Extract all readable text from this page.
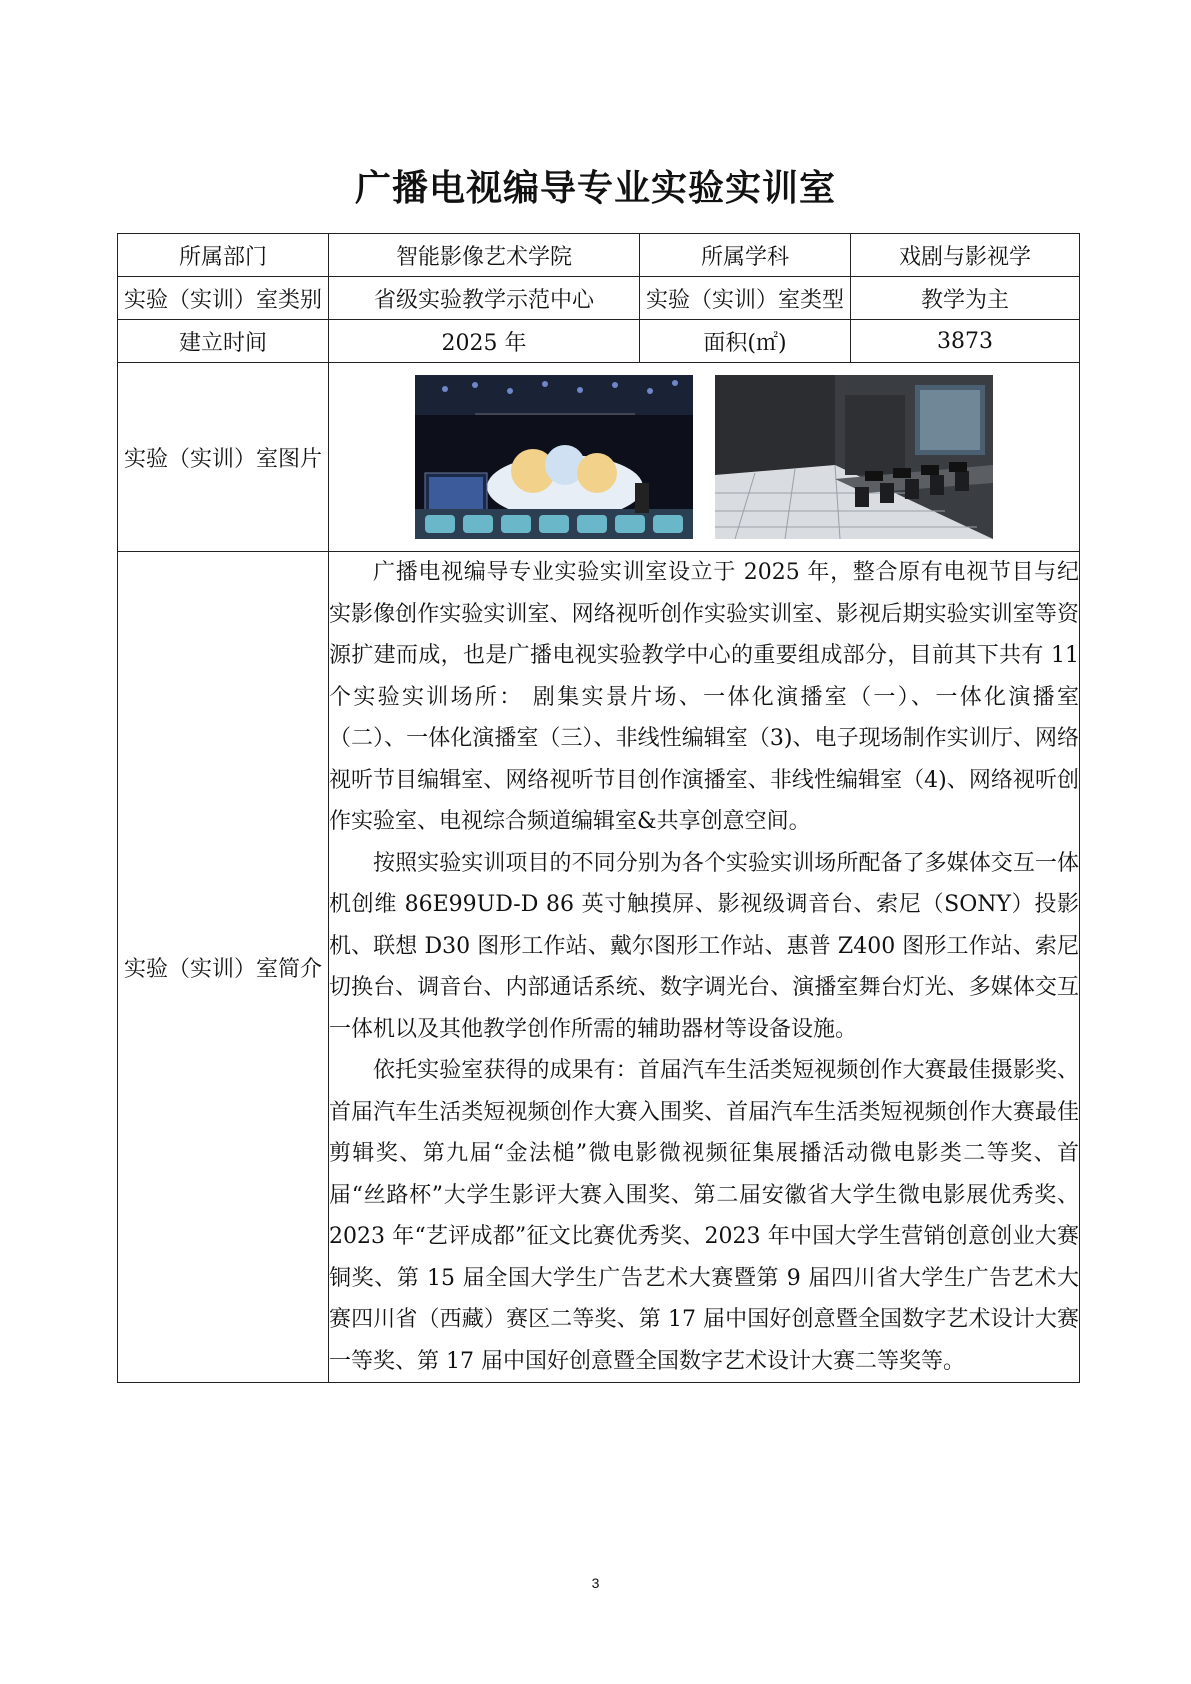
广播电视编导专业实验实训室
所属部门	智能影像艺术学院	所属学科	戏剧与影视学
实验（实训）室类别	省级实验教学示范中心	实验（实训）室类型	教学为主
建立时间	2025 年	面积(㎡)	3873
实验（实训）室图片	
实验（实训）室简介	广播电视编导专业实验实训室设立于 2025 年，整合原有电视节目与纪实影像创作实验实训室、网络视听创作实验实训室、影视后期实验实训室等资源扩建而成，也是广播电视实验教学中心的重要组成部分，目前其下共有 11 个实验实训场所： 剧集实景片场、一体化演播室（一）、一体化演播室（二）、一体化演播室（三）、非线性编辑室（3)、电子现场制作实训厅、网络视听节目编辑室、网络视听节目创作演播室、非线性编辑室（4)、网络视听创作实验室、电视综合频道编辑室&共享创意空间。

按照实验实训项目的不同分别为各个实验实训场所配备了多媒体交互一体机创维 86E99UD-D 86 英寸触摸屏、影视级调音台、索尼（SONY）投影机、联想 D30 图形工作站、戴尔图形工作站、惠普 Z400 图形工作站、索尼切换台、调音台、内部通话系统、数字调光台、演播室舞台灯光、多媒体交互一体机以及其他教学创作所需的辅助器材等设备设施。

依托实验室获得的成果有：首届汽车生活类短视频创作大赛最佳摄影奖、首届汽车生活类短视频创作大赛入围奖、首届汽车生活类短视频创作大赛最佳剪辑奖、第九届“金法槌”微电影微视频征集展播活动微电影类二等奖、首届“丝路杯”大学生影评大赛入围奖、第二届安徽省大学生微电影展优秀奖、2023 年“艺评成都”征文比赛优秀奖、2023 年中国大学生营销创意创业大赛铜奖、第 15 届全国大学生广告艺术大赛暨第 9 届四川省大学生广告艺术大赛四川省（西藏）赛区二等奖、第 17 届中国好创意暨全国数字艺术设计大赛一等奖、第 17 届中国好创意暨全国数字艺术设计大赛二等奖等。		

3
